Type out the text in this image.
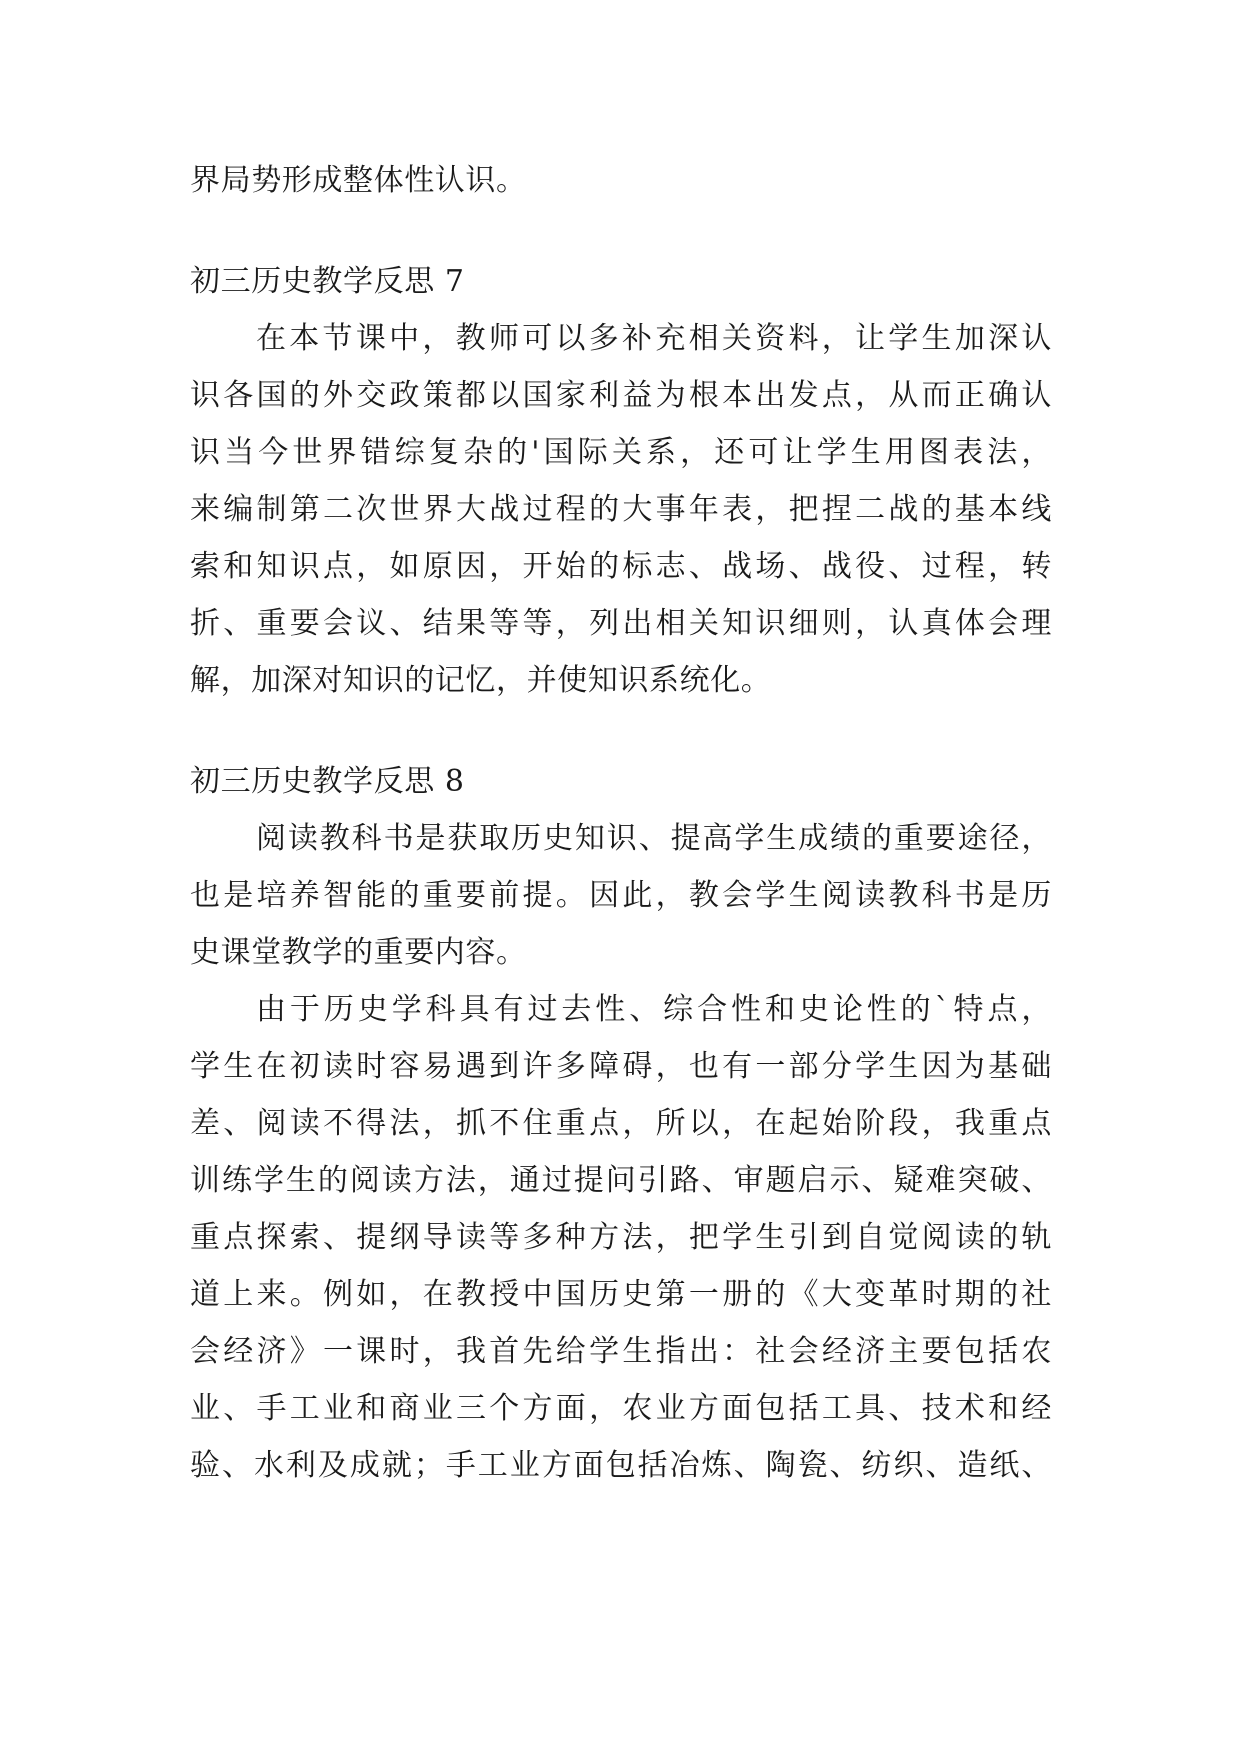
界局势形成整体性认识。

初三历史教学反思 7

在本节课中，教师可以多补充相关资料，让学生加深认

识各国的外交政策都以国家利益为根本出发点，从而正确认

识当今世界错综复杂的'国际关系，还可让学生用图表法，

来编制第二次世界大战过程的大事年表，把捏二战的基本线

索和知识点，如原因，开始的标志、战场、战役、过程，转

折、重要会议、结果等等，列出相关知识细则，认真体会理

解，加深对知识的记忆，并使知识系统化。

初三历史教学反思 8

阅读教科书是获取历史知识、提高学生成绩的重要途径，

也是培养智能的重要前提。因此，教会学生阅读教科书是历

史课堂教学的重要内容。

由于历史学科具有过去性、综合性和史论性的`特点，

学生在初读时容易遇到许多障碍，也有一部分学生因为基础

差、阅读不得法，抓不住重点，所以，在起始阶段，我重点

训练学生的阅读方法，通过提问引路、审题启示、疑难突破、

重点探索、提纲导读等多种方法，把学生引到自觉阅读的轨

道上来。例如，在教授中国历史第一册的《大变革时期的社

会经济》一课时，我首先给学生指出：社会经济主要包括农

业、手工业和商业三个方面，农业方面包括工具、技术和经

验、水利及成就；手工业方面包括冶炼、陶瓷、纺织、造纸、
